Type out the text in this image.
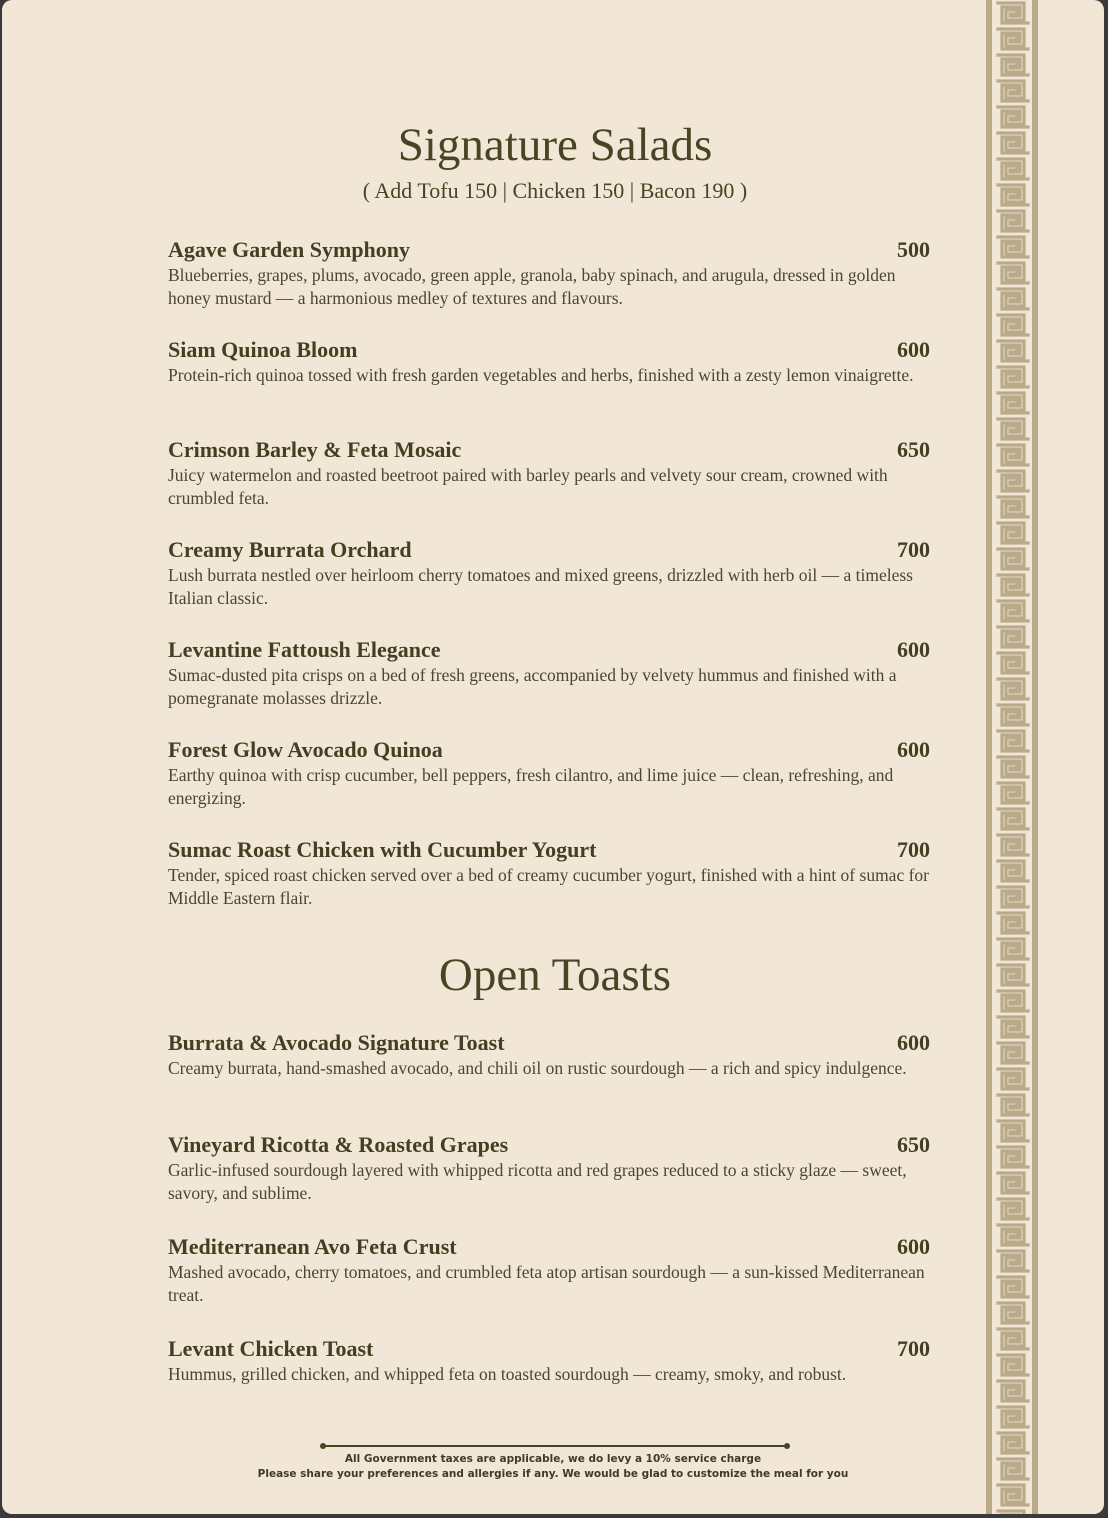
Signature Salads

( Add Tofu 150 | Chicken 150 | Bacon 190 )

Agave Garden Symphony	500
Blueberries, grapes, plums, avocado, green apple, granola, baby spinach, and arugula, dressed in golden honey mustard — a harmonious medley of textures and flavours.
Siam Quinoa Bloom	600
Protein-rich quinoa tossed with fresh garden vegetables and herbs, finished with a zesty lemon vinaigrette.
Crimson Barley & Feta Mosaic	650
Juicy watermelon and roasted beetroot paired with barley pearls and velvety sour cream, crowned with crumbled feta.
Creamy Burrata Orchard	700
Lush burrata nestled over heirloom cherry tomatoes and mixed greens, drizzled with herb oil — a timeless Italian classic.
Levantine Fattoush Elegance	600
Sumac-dusted pita crisps on a bed of fresh greens, accompanied by velvety hummus and finished with a pomegranate molasses drizzle.
Forest Glow Avocado Quinoa	600
Earthy quinoa with crisp cucumber, bell peppers, fresh cilantro, and lime juice — clean, refreshing, and energizing.
Sumac Roast Chicken with Cucumber Yogurt	700
Tender, spiced roast chicken served over a bed of creamy cucumber yogurt, finished with a hint of sumac for Middle Eastern flair.
Open Toasts
Burrata & Avocado Signature Toast	600
Creamy burrata, hand-smashed avocado, and chili oil on rustic sourdough — a rich and spicy indulgence.
Vineyard Ricotta & Roasted Grapes	650
Garlic-infused sourdough layered with whipped ricotta and red grapes reduced to a sticky glaze — sweet, savory, and sublime.
Mediterranean Avo Feta Crust	600
Mashed avocado, cherry tomatoes, and crumbled feta atop artisan sourdough — a sun-kissed Mediterranean treat.
Levant Chicken Toast	700
Hummus, grilled chicken, and whipped feta on toasted sourdough — creamy, smoky, and robust.
All Government taxes are applicable, we do levy a 10% service charge
Please share your preferences and allergies if any. We would be glad to customize the meal for you
